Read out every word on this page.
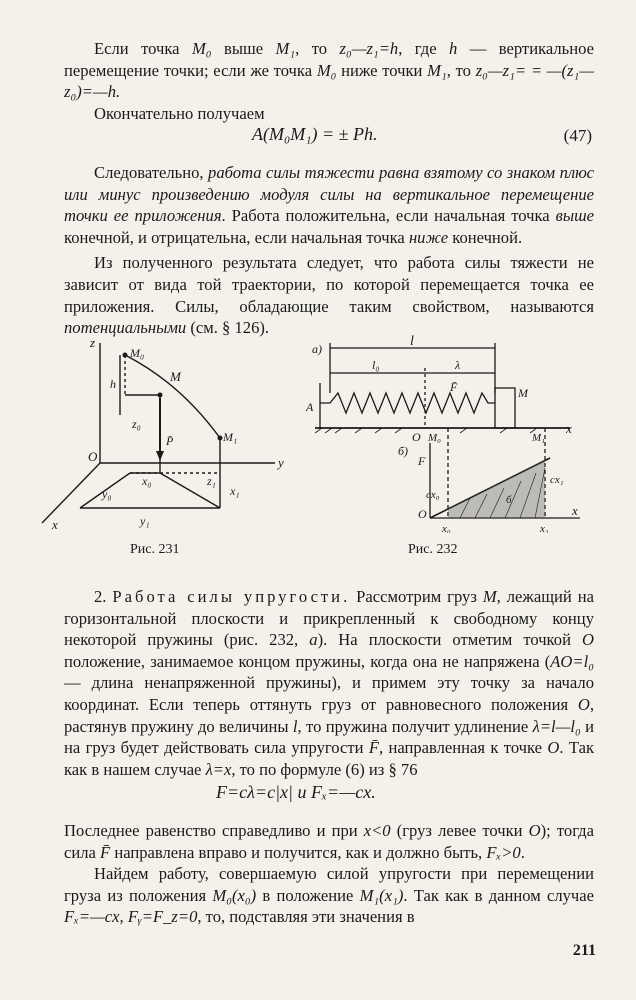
Если точка M₀ выше M₁, то z₀—z₁=h, где h — вертикальное перемещение точки; если же точка M₀ ниже точки M₁, то z₀—z₁= = —(z₁—z₀)=—h.

Окончательно получаем

A(M₀M₁) = ± Ph.	(47)

Следовательно, работа силы тяжести равна взятому со знаком плюс или минус произведению модуля силы на вертикальное перемещение точки ее приложения. Работа положительна, если начальная точка выше конечной, и отрицательна, если начальная точка ниже конечной.

Из полученного результата следует, что работа силы тяжести не зависит от вида той траектории, по которой перемещается точка ее приложения. Силы, обладающие таким свойством, называются потенциальными (см. § 126).

z
M₀
M
h
z₀
P̄	M₁
O	y
x₀	z₁
x₁
y₀
y₁
x
Рис. 231
а)	l
l₀	λ
F̄	M
A
O M₀	M₁
x
б)
F
cx₀
cx₁
O
x₀	x₁
x
б
Рис. 232

2. Работа силы упругости. Рассмотрим груз M, лежащий на горизонтальной плоскости и прикрепленный к свободному концу некоторой пружины (рис. 232, а). На плоскости отметим точкой O положение, занимаемое концом пружины, когда она не напряжена (AO=l₀ — длина ненапряженной пружины), и примем эту точку за начало координат. Если теперь оттянуть груз от равновесного положения O, растянув пружину до величины l, то пружина получит удлинение λ=l—l₀ и на груз будет действовать сила упругости F̄, направленная к точке O. Так как в нашем случае λ=x, то по формуле (6) из § 76

F=cλ=c|x| и Fₓ=—cx.

Последнее равенство справедливо и при x<0 (груз левее точки O); тогда сила F̄ направлена вправо и получится, как и должно быть, Fₓ>0.

Найдем работу, совершаемую силой упругости при перемещении груза из положения M₀(x₀) в положение M₁(x₁). Так как в данном случае Fₓ=—cx, Fᵧ=F_z=0, то, подставляя эти значения в

211
